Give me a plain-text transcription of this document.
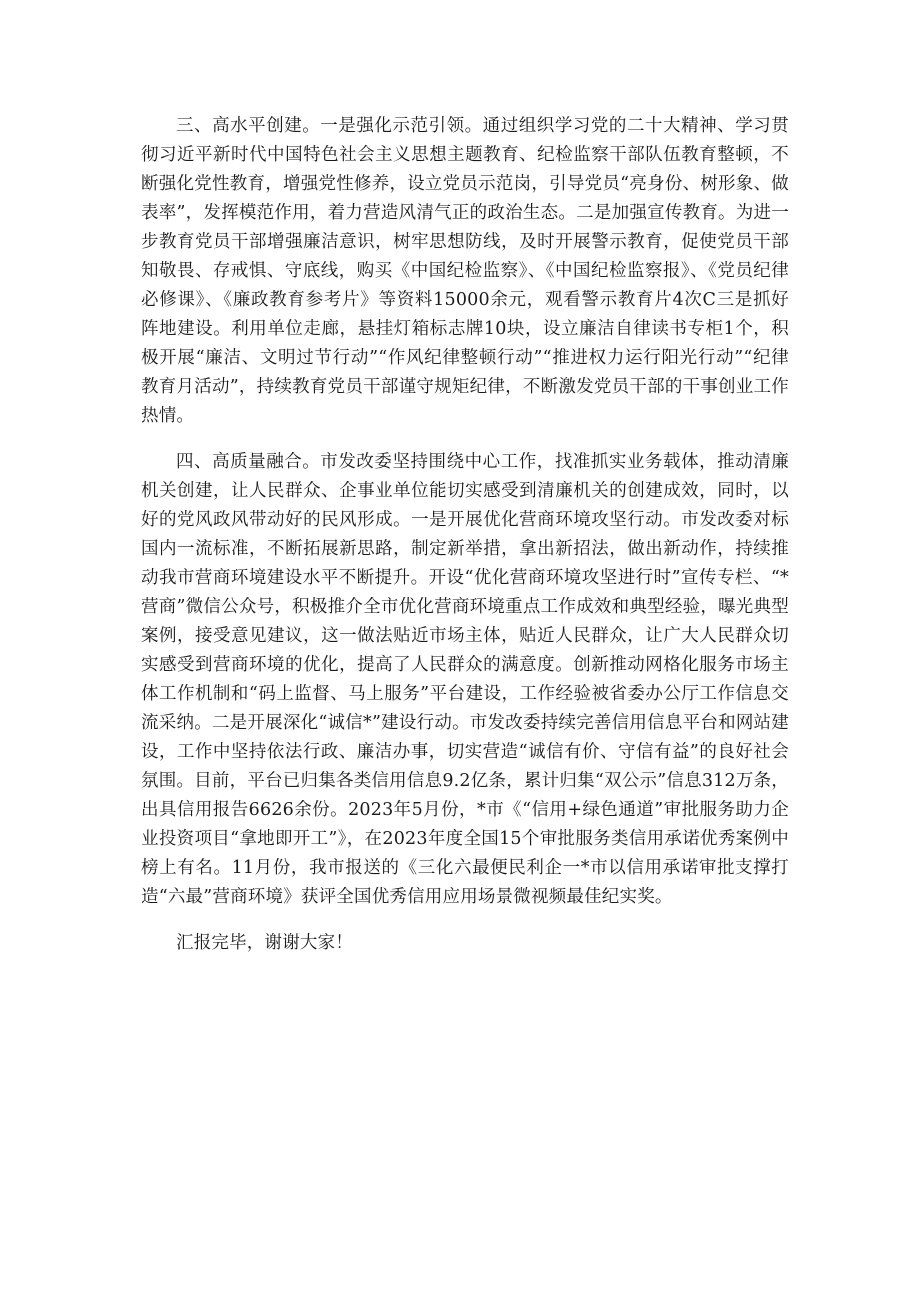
三、高水平创建。一是强化示范引领。通过组织学习党的二十大精神、学习贯彻习近平新时代中国特色社会主义思想主题教育、纪检监察干部队伍教育整顿，不断强化党性教育，增强党性修养，设立党员示范岗，引导党员“亮身份、树形象、做表率”，发挥模范作用，着力营造风清气正的政治生态。二是加强宣传教育。为进一步教育党员干部增强廉洁意识，树牢思想防线，及时开展警示教育，促使党员干部知敬畏、存戒惧、守底线，购买《中国纪检监察》、《中国纪检监察报》、《党员纪律必修课》、《廉政教育参考片》等资料15000余元，观看警示教育片4次C三是抓好阵地建设。利用单位走廊，悬挂灯箱标志牌10块，设立廉洁自律读书专柜1个，积极开展“廉洁、文明过节行动”“作风纪律整顿行动”“推进权力运行阳光行动”“纪律教育月活动”，持续教育党员干部谨守规矩纪律，不断激发党员干部的干事创业工作热情。

四、高质量融合。市发改委坚持围绕中心工作，找准抓实业务载体，推动清廉机关创建，让人民群众、企事业单位能切实感受到清廉机关的创建成效，同时，以好的党风政风带动好的民风形成。一是开展优化营商环境攻坚行动。市发改委对标国内一流标准，不断拓展新思路，制定新举措，拿出新招法，做出新动作，持续推动我市营商环境建设水平不断提升。开设“优化营商环境攻坚进行时”宣传专栏、“*营商”微信公众号，积极推介全市优化营商环境重点工作成效和典型经验，曝光典型案例，接受意见建议，这一做法贴近市场主体，贴近人民群众，让广大人民群众切实感受到营商环境的优化，提高了人民群众的满意度。创新推动网格化服务市场主体工作机制和“码上监督、马上服务”平台建设，工作经验被省委办公厅工作信息交流采纳。二是开展深化“诚信*”建设行动。市发改委持续完善信用信息平台和网站建设，工作中坚持依法行政、廉洁办事，切实营造“诚信有价、守信有益”的良好社会氛围。目前，平台已归集各类信用信息9.2亿条，累计归集“双公示”信息312万条，出具信用报告6626余份。2023年5月份，*市《“信用+绿色通道”审批服务助力企业投资项目“拿地即开工”》，在2023年度全国15个审批服务类信用承诺优秀案例中榜上有名。11月份，我市报送的《三化六最便民利企一*市以信用承诺审批支撑打造“六最”营商环境》获评全国优秀信用应用场景微视频最佳纪实奖。

汇报完毕，谢谢大家！
